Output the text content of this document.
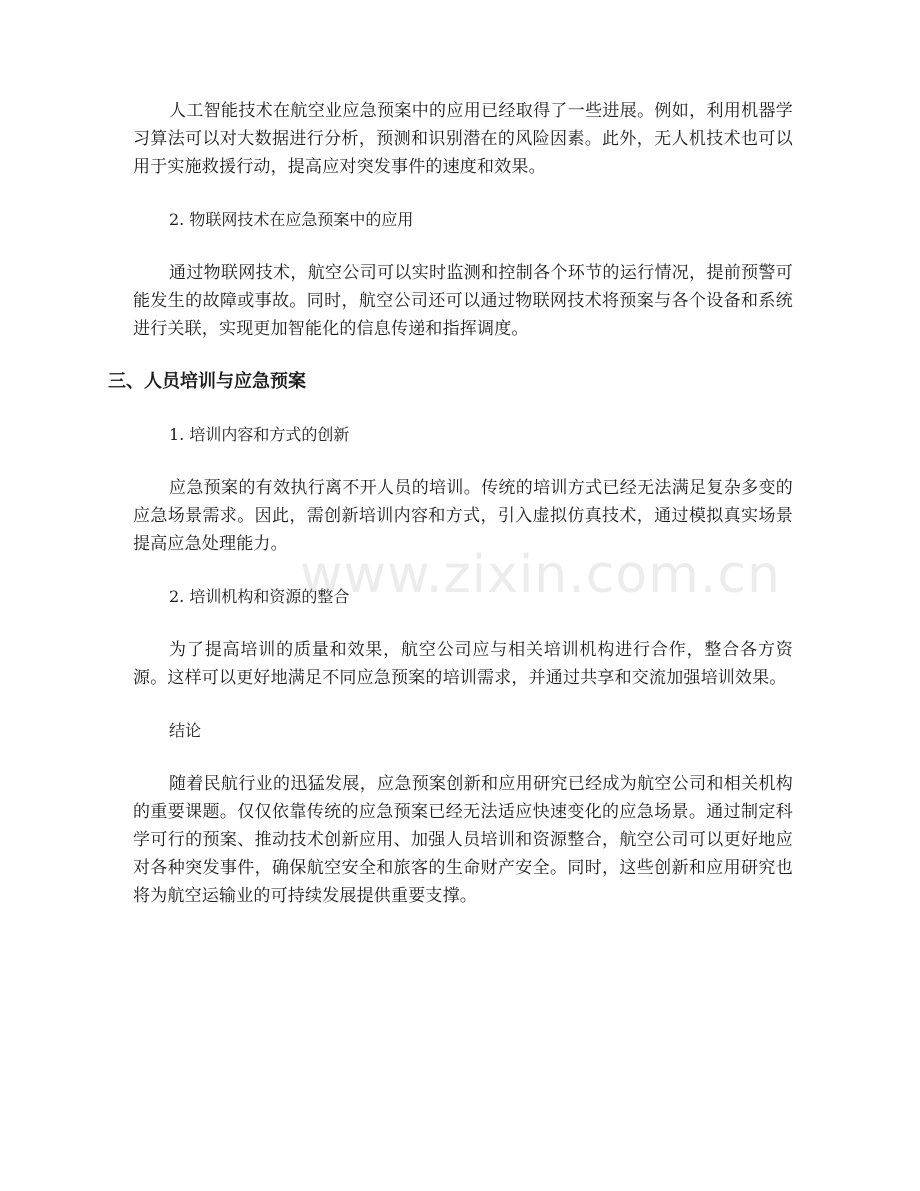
人工智能技术在航空业应急预案中的应用已经取得了一些进展。例如，利用机器学习算法可以对大数据进行分析，预测和识别潜在的风险因素。此外，无人机技术也可以用于实施救援行动，提高应对突发事件的速度和效果。

2. 物联网技术在应急预案中的应用

通过物联网技术，航空公司可以实时监测和控制各个环节的运行情况，提前预警可能发生的故障或事故。同时，航空公司还可以通过物联网技术将预案与各个设备和系统进行关联，实现更加智能化的信息传递和指挥调度。

三、人员培训与应急预案

1. 培训内容和方式的创新

应急预案的有效执行离不开人员的培训。传统的培训方式已经无法满足复杂多变的应急场景需求。因此，需创新培训内容和方式，引入虚拟仿真技术，通过模拟真实场景提高应急处理能力。

2. 培训机构和资源的整合

为了提高培训的质量和效果，航空公司应与相关培训机构进行合作，整合各方资源。这样可以更好地满足不同应急预案的培训需求，并通过共享和交流加强培训效果。

结论

随着民航行业的迅猛发展，应急预案创新和应用研究已经成为航空公司和相关机构的重要课题。仅仅依靠传统的应急预案已经无法适应快速变化的应急场景。通过制定科学可行的预案、推动技术创新应用、加强人员培训和资源整合，航空公司可以更好地应对各种突发事件，确保航空安全和旅客的生命财产安全。同时，这些创新和应用研究也将为航空运输业的可持续发展提供重要支撑。

www.zixin.com.cn
